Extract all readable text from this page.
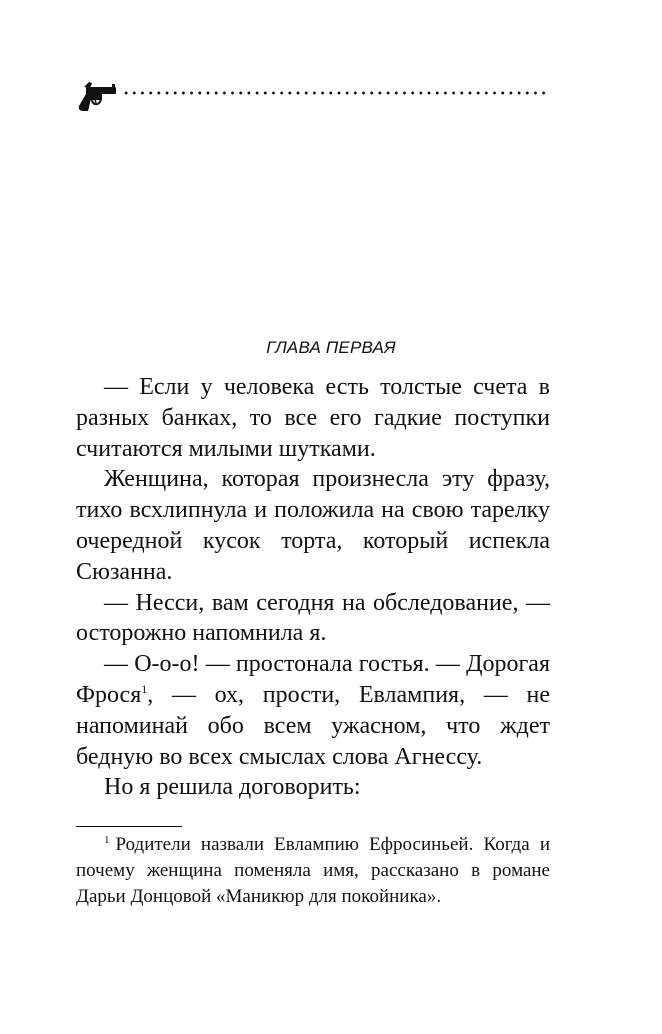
ГЛАВА ПЕРВАЯ

— Если у человека есть толстые счета в разных банках, то все его гадкие поступки считаются милыми шутками.

Женщина, которая произнесла эту фразу, тихо всхлипнула и положила на свою тарелку очередной кусок торта, который испекла Сюзанна.

— Несси, вам сегодня на обследование, — осторожно напомнила я.

— О-о-о! — простонала гостья. — Дорогая Фрося$^1$, — ох, прости, Евлампия, — не напоминай обо всем ужасном, что ждет бедную во всех смыслах слова Агнессу.

Но я решила договорить:

$^1$ Родители назвали Евлампию Ефросиньей. Когда и почему женщина поменяла имя, рассказано в романе Дарьи Донцовой «Маникюр для покойника».
